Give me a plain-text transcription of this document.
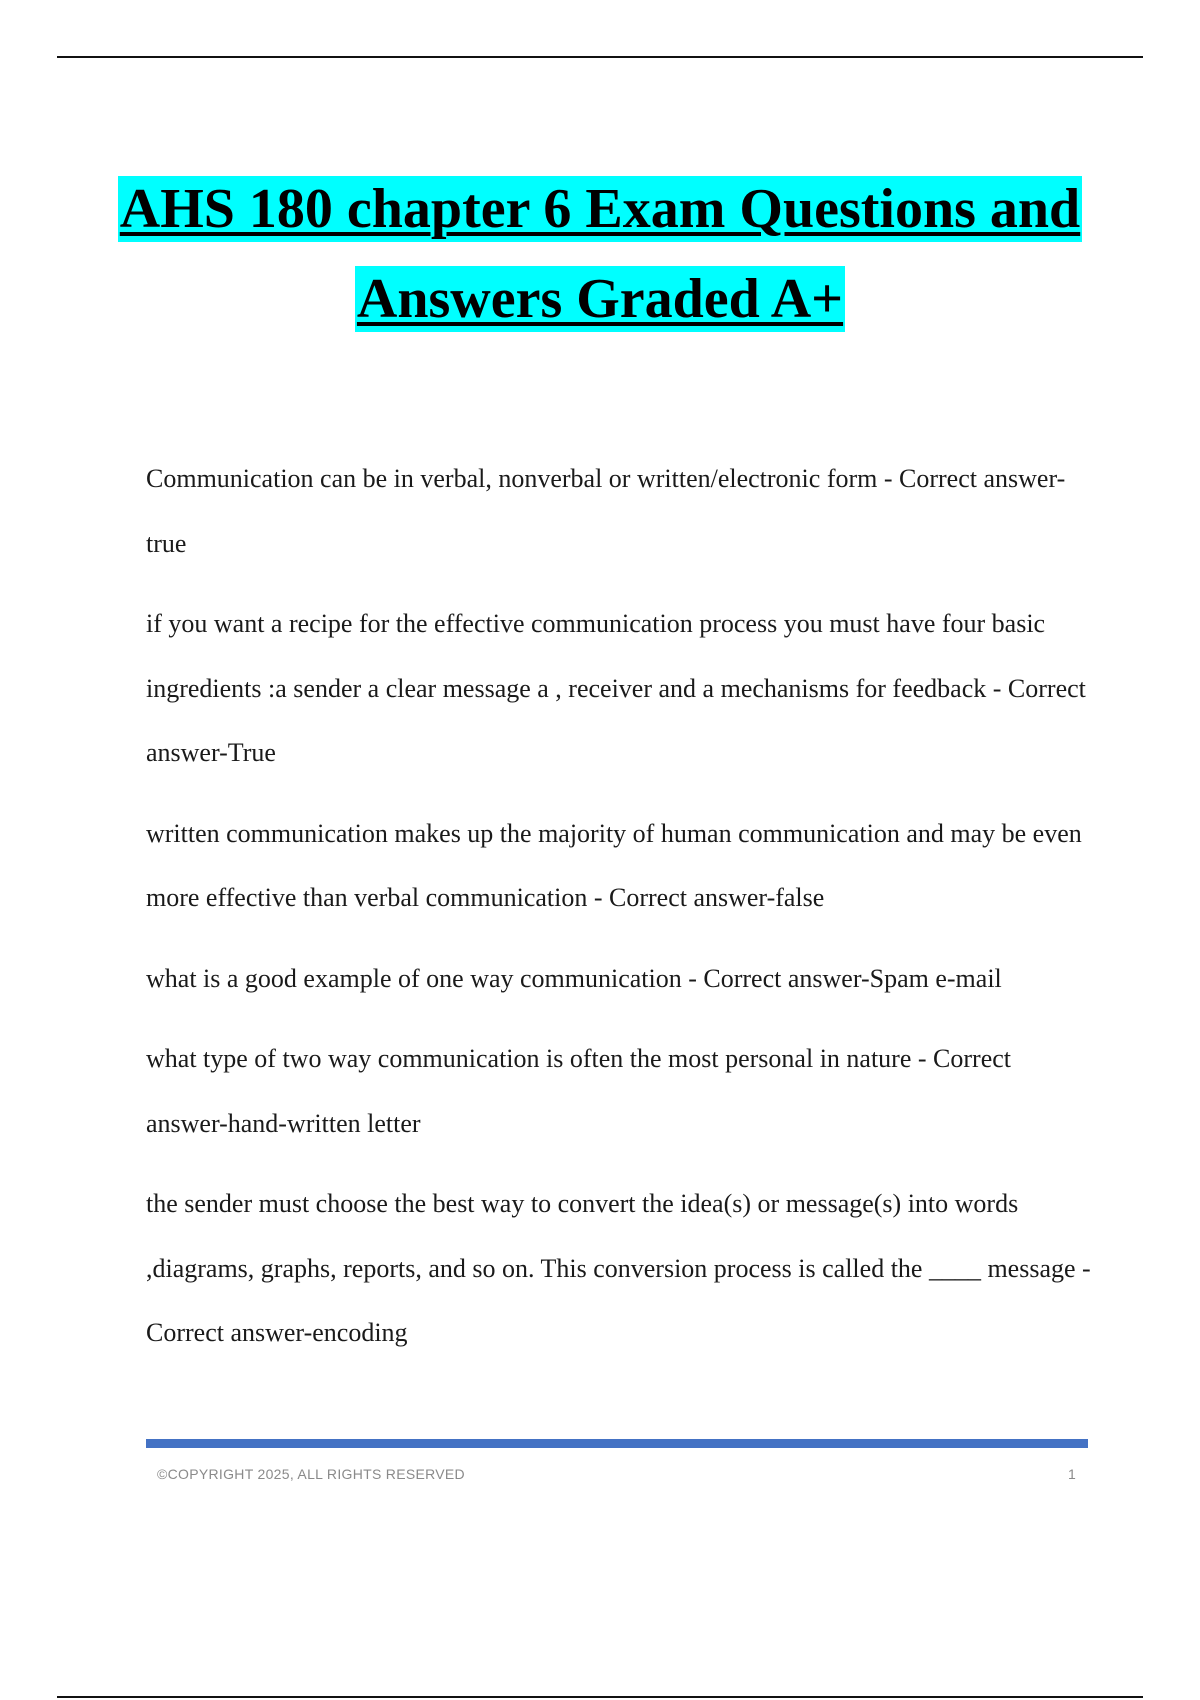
AHS 180 chapter 6 Exam Questions and
Answers Graded A+
Communication can be in verbal, nonverbal or written/electronic form - Correct answer-true
if you want a recipe for the effective communication process you must have four basic ingredients :a sender a clear message a , receiver and a mechanisms for feedback - Correct answer-True
written communication makes up the majority of human communication and may be even more effective than verbal communication - Correct answer-false
what is a good example of one way communication - Correct answer-Spam e-mail
what type of two way communication is often the most personal in nature - Correct answer-hand-written letter
the sender must choose the best way to convert the idea(s) or message(s) into words ,diagrams, graphs, reports, and so on. This conversion process is called the ____ message - Correct answer-encoding
©COPYRIGHT 2025, ALL RIGHTS RESERVED	1
